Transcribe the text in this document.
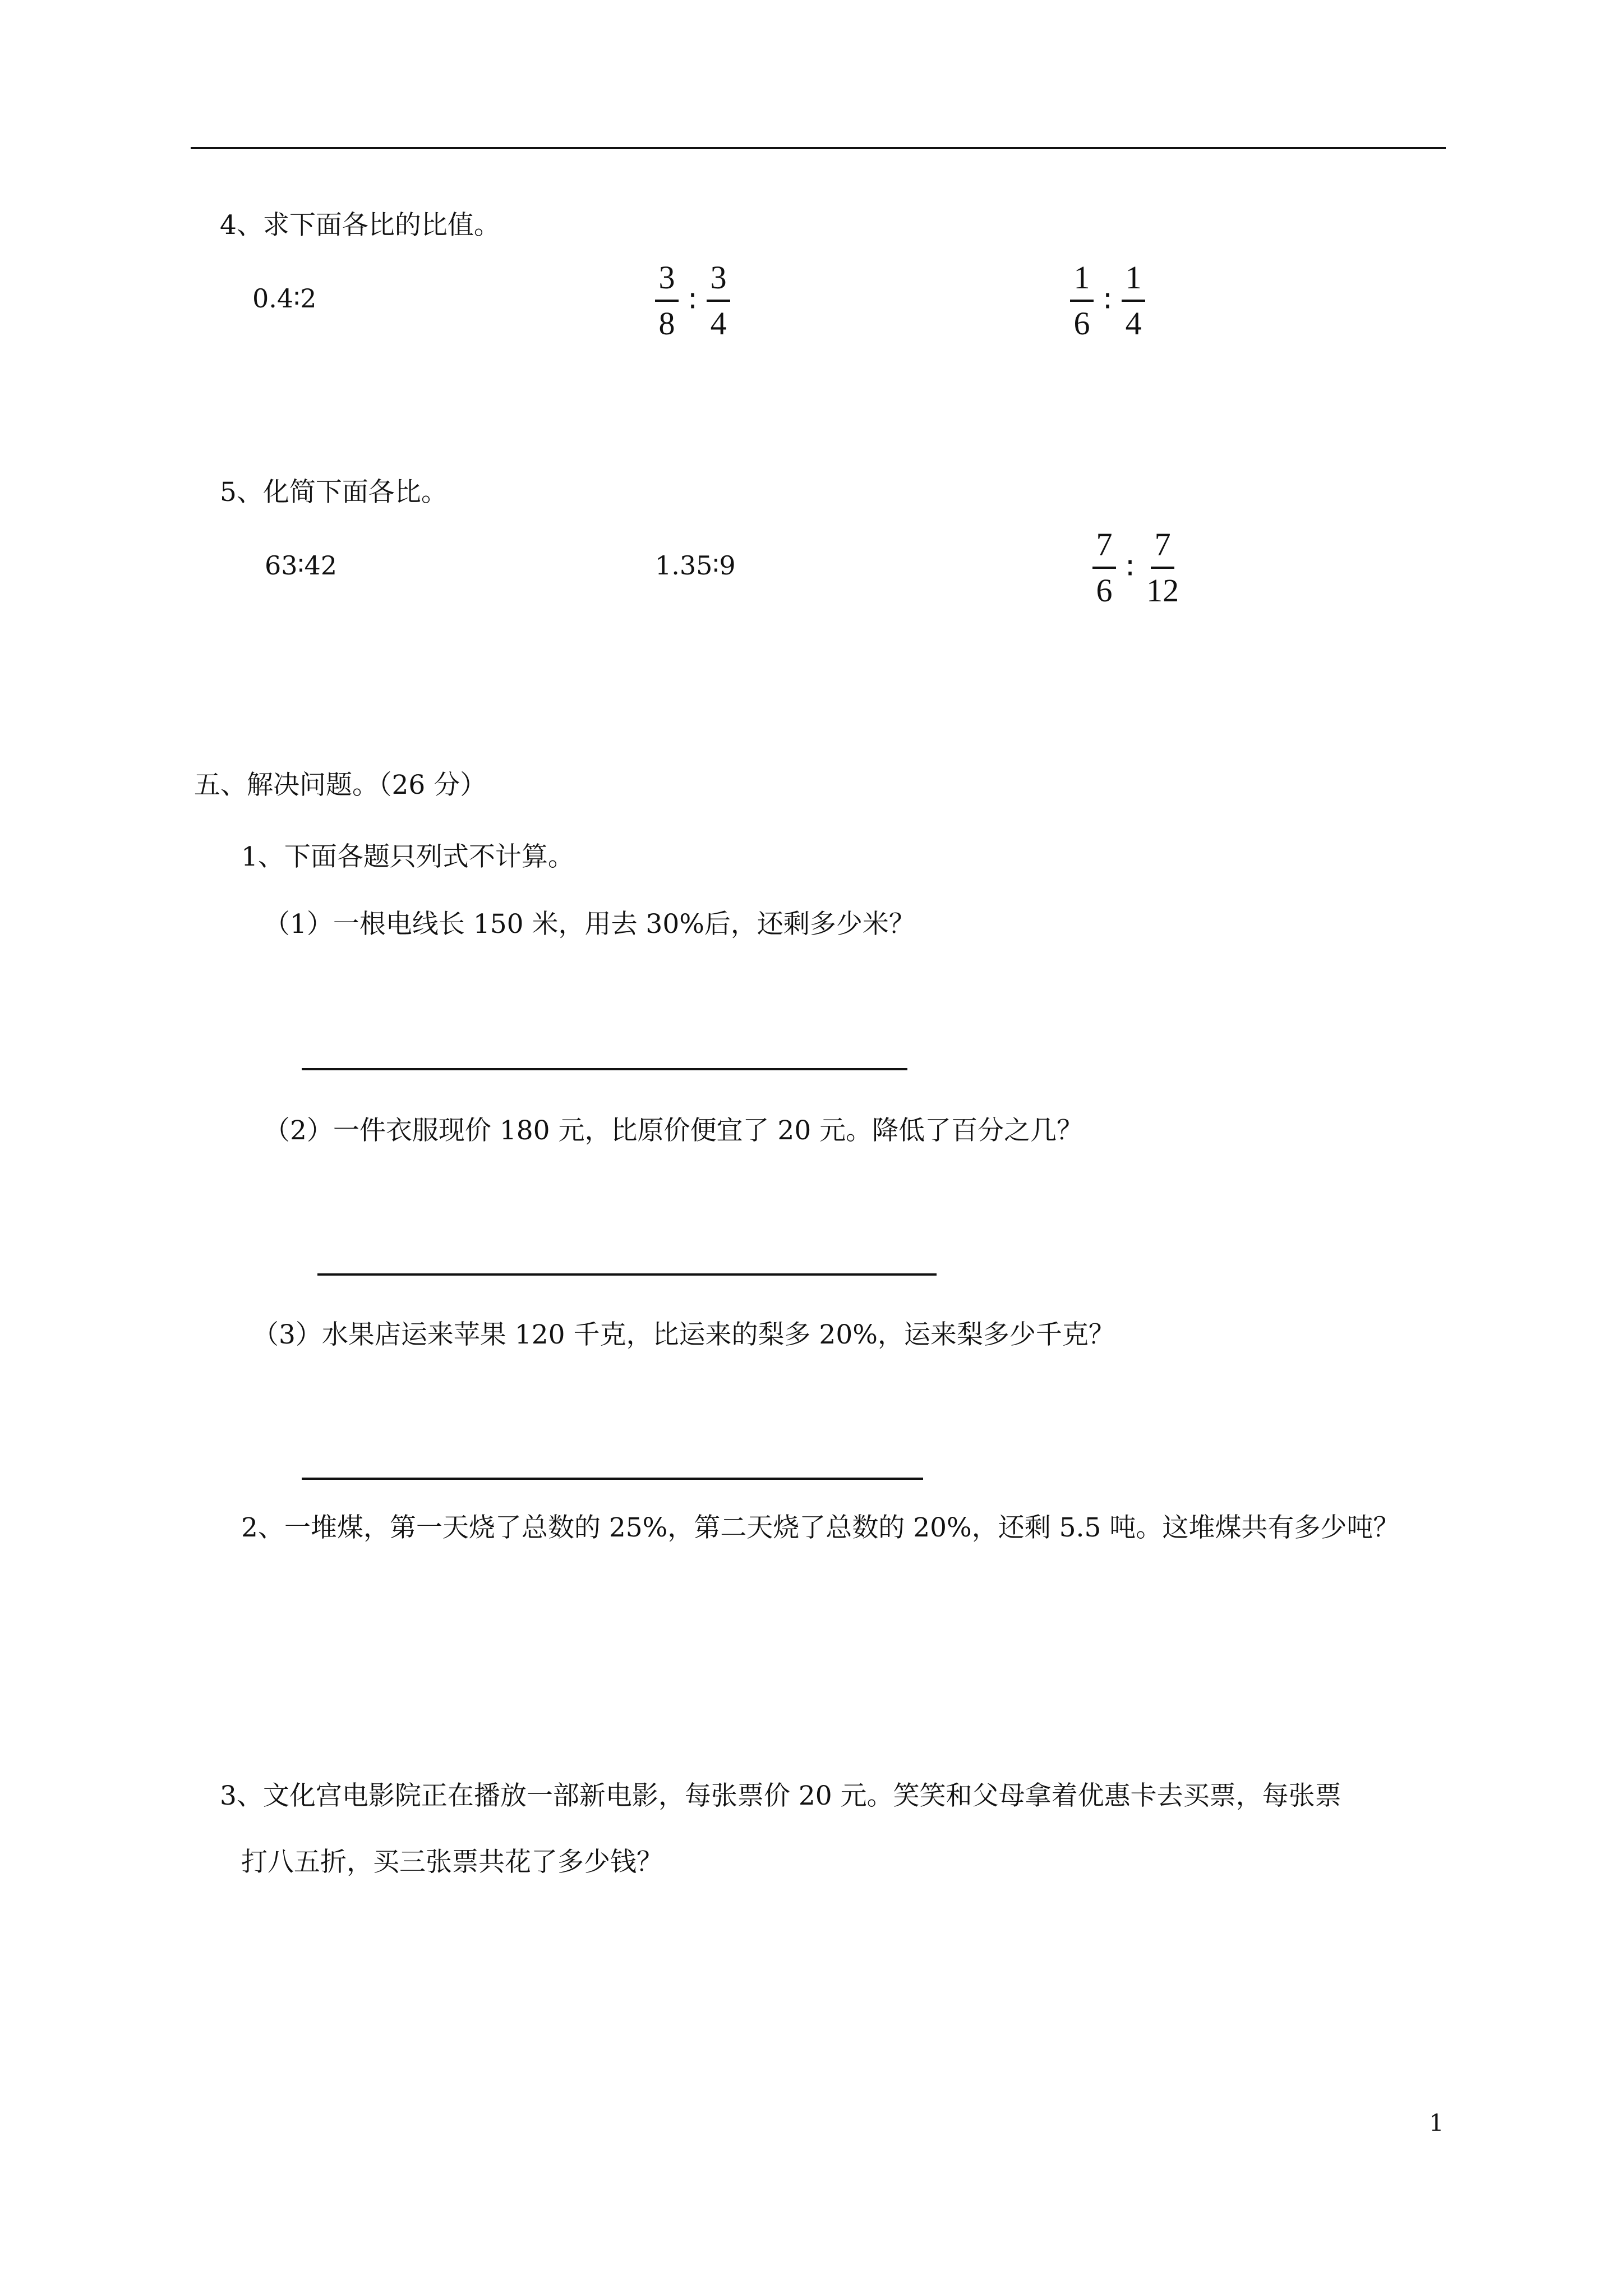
4、求下面各比的比值。
0.4∶2	$\frac{3}{8}$ ∶ $\frac{3}{4}$	$\frac{1}{6}$ ∶ $\frac{1}{4}$
5、化简下面各比。
63∶42	1.35∶9	$\frac{7}{6}$ ∶ $\frac{7}{12}$
五、解决问题。（26 分）
1、下面各题只列式不计算。
（1）一根电线长 150 米，用去 30%后，还剩多少米？
（2）一件衣服现价 180 元，比原价便宜了 20 元。降低了百分之几？
（3）水果店运来苹果 120 千克，比运来的梨多 20%，运来梨多少千克？
2、一堆煤，第一天烧了总数的 25%，第二天烧了总数的 20%，还剩 5.5 吨。这堆煤共有多少吨？
3、文化宫电影院正在播放一部新电影，每张票价 20 元。笑笑和父母拿着优惠卡去买票，每张票
打八五折，买三张票共花了多少钱？
1
